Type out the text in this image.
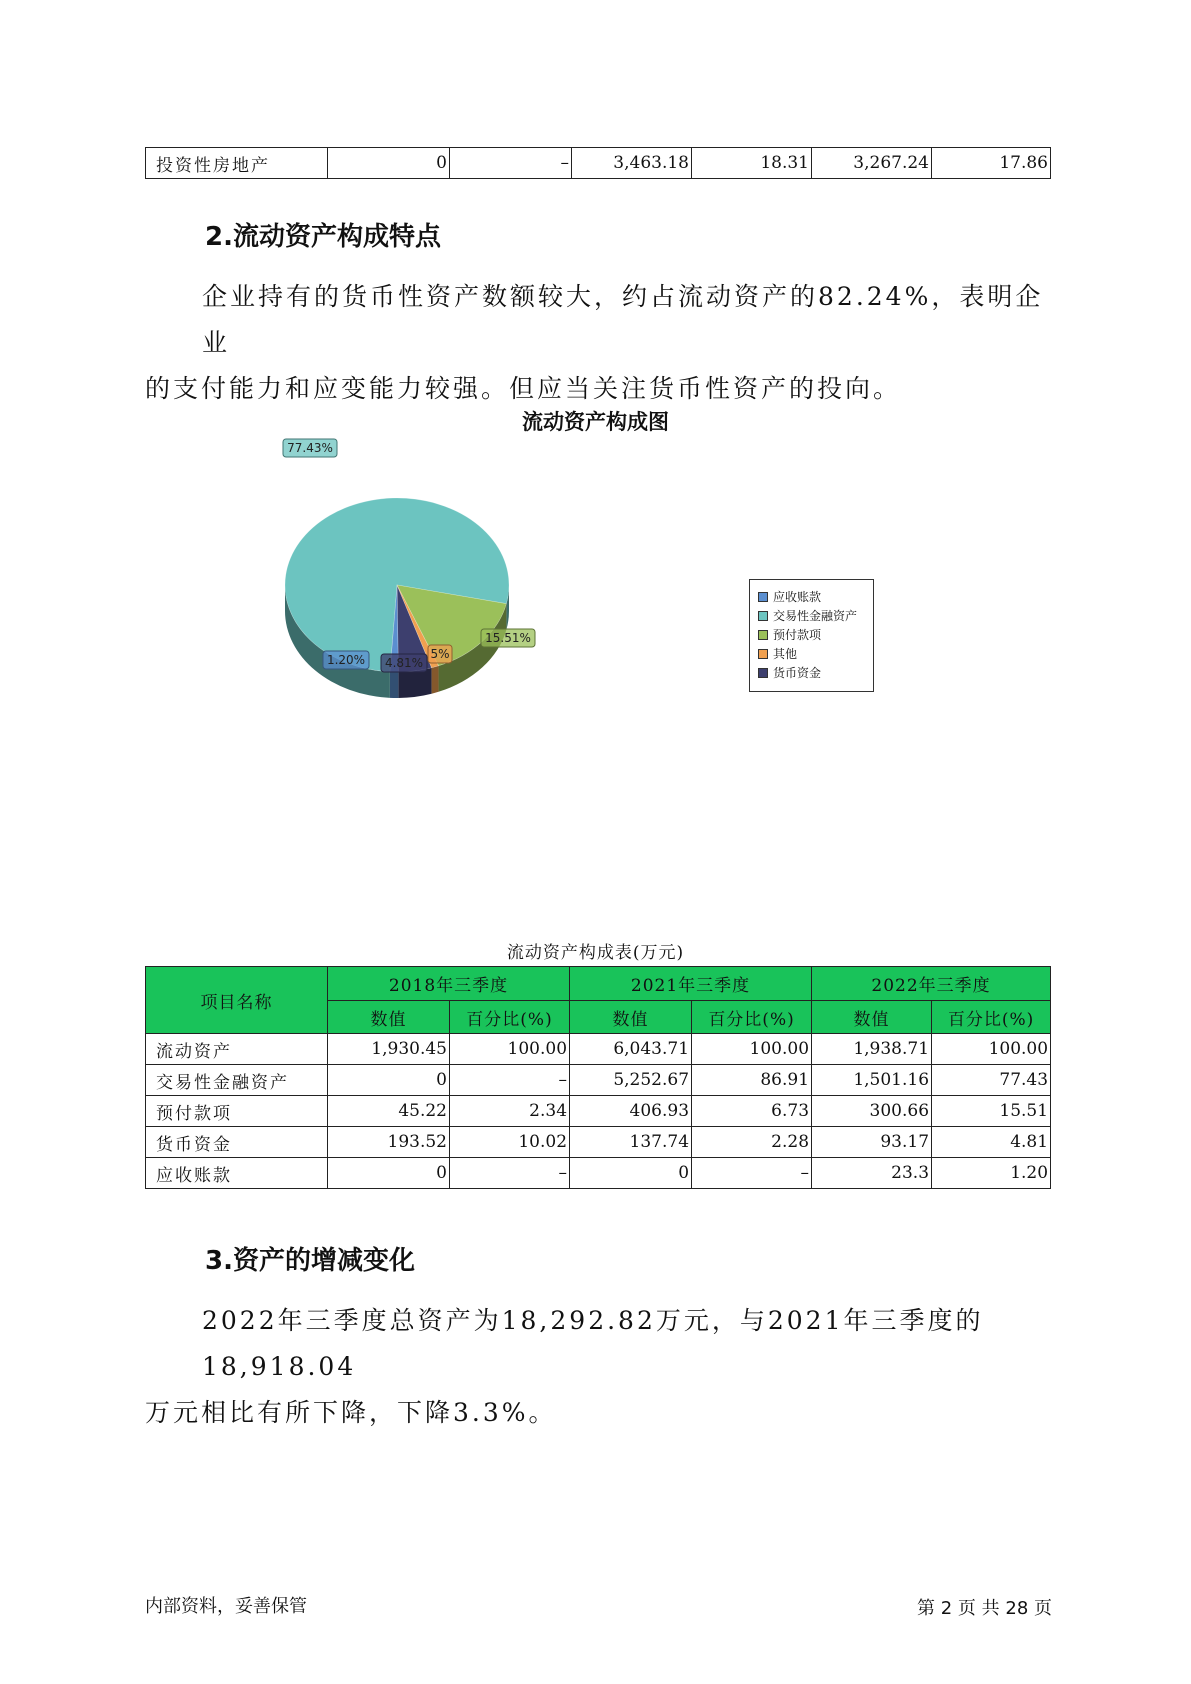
投资性房地产	0	–	3,463.18	18.31	3,267.24	17.86
2.流动资产构成特点
企业持有的货币性资产数额较大，约占流动资产的82.24%，表明企业
的支付能力和应变能力较强。但应当关注货币性资产的投向。
流动资产构成图
77.43%
15.51%
1.20%	5%
4.81%
应收账款
交易性金融资产
预付款项
其他
货币资金
流动资产构成表(万元)
项目名称	2018年三季度		2021年三季度		2022年三季度	
	数值	百分比(%)	数值	百分比(%)	数值	百分比(%)
流动资产	1,930.45	100.00	6,043.71	100.00	1,938.71	100.00
交易性金融资产	0	–	5,252.67	86.91	1,501.16	77.43
预付款项	45.22	2.34	406.93	6.73	300.66	15.51
货币资金	193.52	10.02	137.74	2.28	93.17	4.81
应收账款	0	–	0	–	23.3	1.20
3.资产的增减变化
2022年三季度总资产为18,292.82万元，与2021年三季度的18,918.04
万元相比有所下降，下降3.3%。
内部资料，妥善保管	第 2 页 共 28 页
